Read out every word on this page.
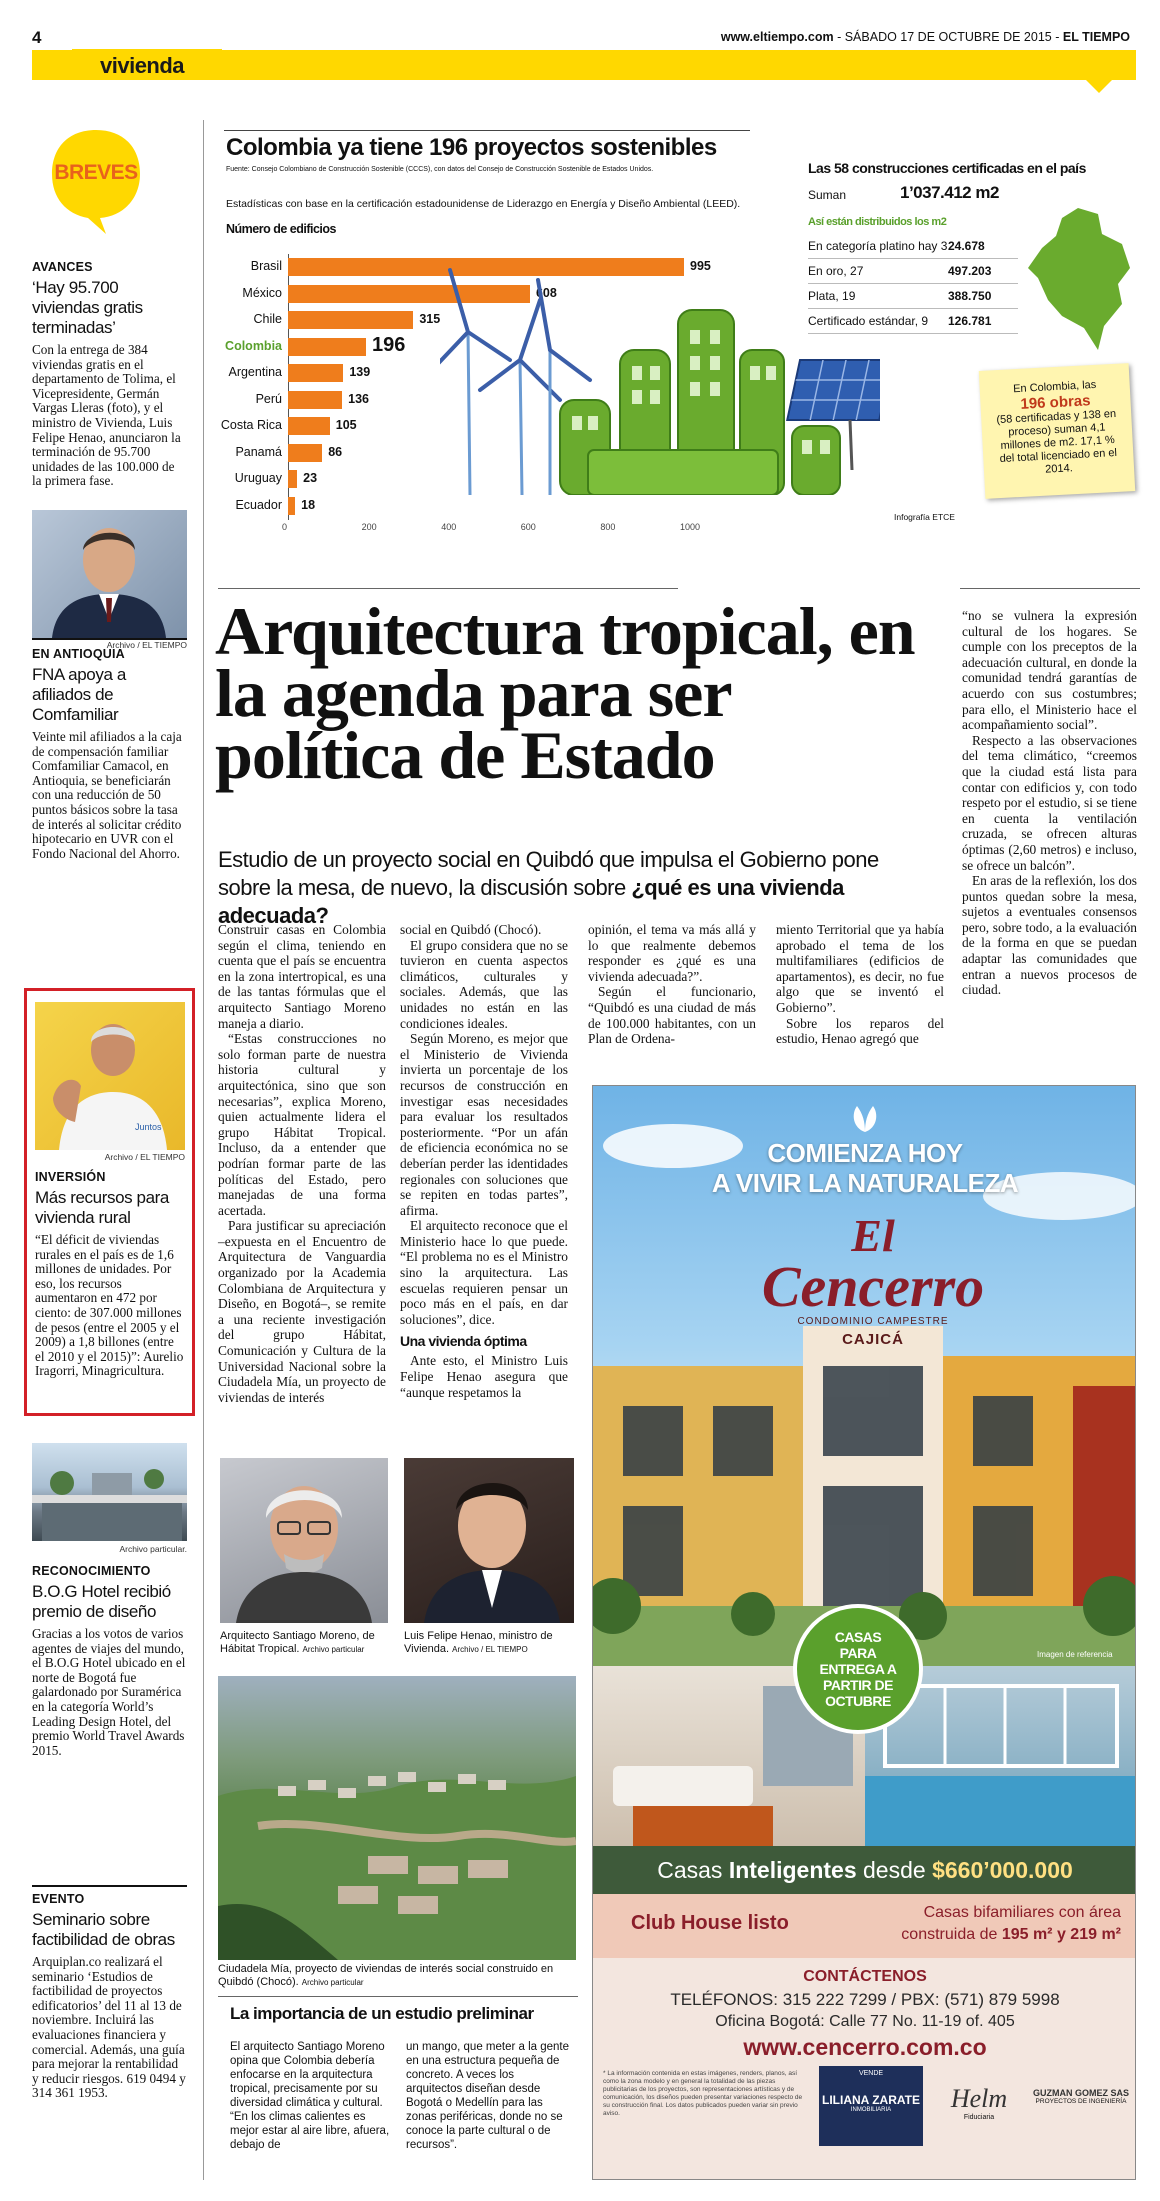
4	www.eltiempo.com - SÁBADO 17 DE OCTUBRE DE 2015 - EL TIEMPO
vivienda
BREVES
AVANCES
‘Hay 95.700 viviendas gratis terminadas’
Con la entrega de 384 viviendas gratis en el departamento de Tolima, el Vicepresidente, Germán Vargas Lleras (foto), y el ministro de Vivienda, Luis Felipe Henao, anunciaron la terminación de 95.700 unidades de las 100.000 de la primera fase.
Archivo / EL TIEMPO
EN ANTIOQUIA
FNA apoya a afiliados de Comfamiliar
Veinte mil afiliados a la caja de compensación familiar Comfamiliar Camacol, en Antioquia, se beneficiarán con una reducción de 50 puntos básicos sobre la tasa de interés al solicitar crédito hipotecario en UVR con el Fondo Nacional del Ahorro.
Juntos
Archivo / EL TIEMPO
INVERSIÓN
Más recursos para vivienda rural
“El déficit de viviendas rurales en el país es de 1,6 millones de unidades. Por eso, los recursos aumentaron en 472 por ciento: de 307.000 millones de pesos (entre el 2005 y el 2009) a 1,8 billones (entre el 2010 y el 2015)”: Aurelio Iragorri, Minagricultura.
Archivo particular.
RECONOCIMIENTO
B.O.G Hotel recibió premio de diseño
Gracias a los votos de varios agentes de viajes del mundo, el B.O.G Hotel ubicado en el norte de Bogotá fue galardonado por Suramérica en la categoría World’s Leading Design Hotel, del premio World Travel Awards 2015.
EVENTO
Seminario sobre factibilidad de obras
Arquiplan.co realizará el seminario ‘Estudios de factibilidad de proyectos edificatorios’ del 11 al 13 de noviembre. Incluirá las evaluaciones financiera y comercial. Además, una guía para mejorar la rentabilidad y reducir riesgos. 619 0494 y 314 361 1953.
Colombia ya tiene 196 proyectos sostenibles
Fuente: Consejo Colombiano de Construcción Sostenible (CCCS), con datos del Consejo de Construcción Sostenible de Estados Unidos.
Estadísticas con base en la certificación estadounidense de Liderazgo en Energía y Diseño Ambiental (LEED).
Número de edificios
Brasil	995
México	608
Chile	315
Colombia	196
Argentina	139
Perú	136
Costa Rica	105
Panamá	86
Uruguay 23
Ecuador 18
0	200	400	600	800	1000
Infografía ETCE
Las 58 construcciones certificadas en el país
Suman	1’037.412 m2
Así están distribuidos los m2
En categoría platino hay 3 24.678
En oro, 27	497.203
Plata, 19	388.750
Certificado estándar, 9 126.781
En Colombia, las
196 obras
(58 certificadas y 138 en proceso) suman 4,1 millones de m2. 17,1 % del total licenciado en el 2014.
Arquitectura tropical, en la agenda para ser política de Estado
Estudio de un proyecto social en Quibdó que impulsa el Gobierno pone sobre la mesa, de nuevo, la discusión sobre ¿qué es una vivienda adecuada?

Construir casas en Colombia según el clima, teniendo en cuenta que el país se encuentra en la zona intertropical, es una de las tantas fórmulas que el arquitecto Santiago Moreno maneja a diario.

“Estas construcciones no solo forman parte de nuestra historia cultural y arquitectónica, sino que son necesarias”, explica Moreno, quien actualmente lidera el grupo Hábitat Tropical. Incluso, da a entender que podrían formar parte de las políticas del Estado, pero manejadas de una forma acertada.

Para justificar su apreciación –expuesta en el Encuentro de Arquitectura de Vanguardia organizado por la Academia Colombiana de Arquitectura y Diseño, en Bogotá–, se remite a una reciente investigación del grupo Hábitat, Comunicación y Cultura de la Universidad Nacional sobre la Ciudadela Mía, un proyecto de viviendas de interés

social en Quibdó (Chocó).

El grupo considera que no se tuvieron en cuenta aspectos climáticos, culturales y sociales. Además, que las unidades no están en las condiciones ideales.

Según Moreno, es mejor que el Ministerio de Vivienda invierta un porcentaje de los recursos de construcción en investigar esas necesidades para evaluar los resultados posteriormente. “Por un afán de eficiencia económica no se deberían perder las identidades regionales con soluciones que se repiten en todas partes”, afirma.

El arquitecto reconoce que el Ministerio hace lo que puede. “El problema no es el Ministro sino la arquitectura. Las escuelas requieren pensar un poco más en el país, en dar soluciones”, dice.

Una vivienda óptima

Ante esto, el Ministro Luis Felipe Henao asegura que “aunque respetamos la

opinión, el tema va más allá y lo que realmente debemos responder es ¿qué es una vivienda adecuada?”.

Según el funcionario, “Quibdó es una ciudad de más de 100.000 habitantes, con un Plan de Ordena-

miento Territorial que ya había aprobado el tema de los multifamiliares (edificios de apartamentos), es decir, no fue algo que se inventó el Gobierno”.

Sobre los reparos del estudio, Henao agregó que

“no se vulnera la expresión cultural de los hogares. Se cumple con los preceptos de la adecuación cultural, en donde la comunidad tendrá garantías de acuerdo con sus costumbres; para ello, el Ministerio hace el acompañamiento social”.

Respecto a las observaciones del tema climático, “creemos que la ciudad está lista para contar con edificios y, con todo respeto por el estudio, si se tiene en cuenta la ventilación cruzada, se ofrecen alturas óptimas (2,60 metros) e incluso, se ofrece un balcón”.

En aras de la reflexión, los dos puntos quedan sobre la mesa, sujetos a eventuales consensos pero, sobre todo, a la evaluación de la forma en que se puedan adaptar las comunidades que entran a nuevos procesos de ciudad.

Arquitecto Santiago Moreno, de Hábitat Tropical. Archivo particular
Luis Felipe Henao, ministro de Vivienda. Archivo / EL TIEMPO
Ciudadela Mía, proyecto de viviendas de interés social construido en Quibdó (Chocó). Archivo particular
La importancia de un estudio preliminar
El arquitecto Santiago Moreno opina que Colombia debería enfocarse en la arquitectura tropical, precisamente por su diversidad climática y cultural. “En los climas calientes es mejor estar al aire libre, afuera, debajo de
un mango, que meter a la gente en una estructura pequeña de concreto. A veces los arquitectos diseñan desde Bogotá o Medellín para las zonas periféricas, donde no se conoce la parte cultural o de recursos”.
COMIENZA HOY
A VIVIR LA NATURALEZA
El
Cencerro
CONDOMINIO CAMPESTRE
CAJICÁ
Imagen de referencia
CASAS PARA ENTREGA A PARTIR DE OCTUBRE
Casas Inteligentes desde $660’000.000
Club House listo	Casas bifamiliares con área
construida de 195 m² y 219 m²
CONTÁCTENOS
TELÉFONOS: 315 222 7299 / PBX: (571) 879 5998
Oficina Bogotá: Calle 77 No. 11-19 of. 405
www.cencerro.com.co
* La información contenida en estas imágenes, renders, planos, así como la zona modelo y en general la totalidad de las piezas publicitarias de los proyectos, son representaciones artísticas y de comunicación, los diseños pueden presentar variaciones respecto de su construcción final. Los datos publicados pueden variar sin previo aviso.
VENDE
LILIANA ZARATE
INMOBILIARIA	Helm
Fiduciaria
GUZMAN GOMEZ SAS
PROYECTOS DE INGENIERÍA
